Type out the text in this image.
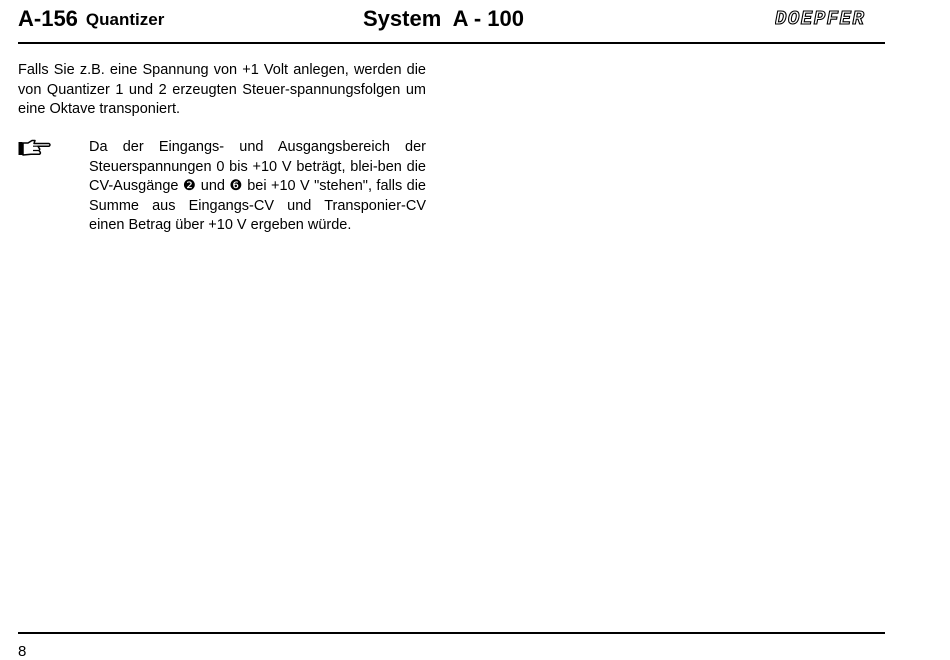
A-156 Quantizer	System  A - 100	DOEPFER
Falls Sie z.B. eine Spannung von +1 Volt anlegen, werden die von Quantizer 1 und 2 erzeugten Steuer-spannungsfolgen um eine Oktave transponiert.
Da der Eingangs- und Ausgangsbereich der Steuerspannungen 0 bis +10 V beträgt, blei-ben die CV-Ausgänge ❷ und ❻ bei +10 V "stehen", falls die Summe aus Eingangs-CV und Transponier-CV einen Betrag über +10 V ergeben würde.
8
